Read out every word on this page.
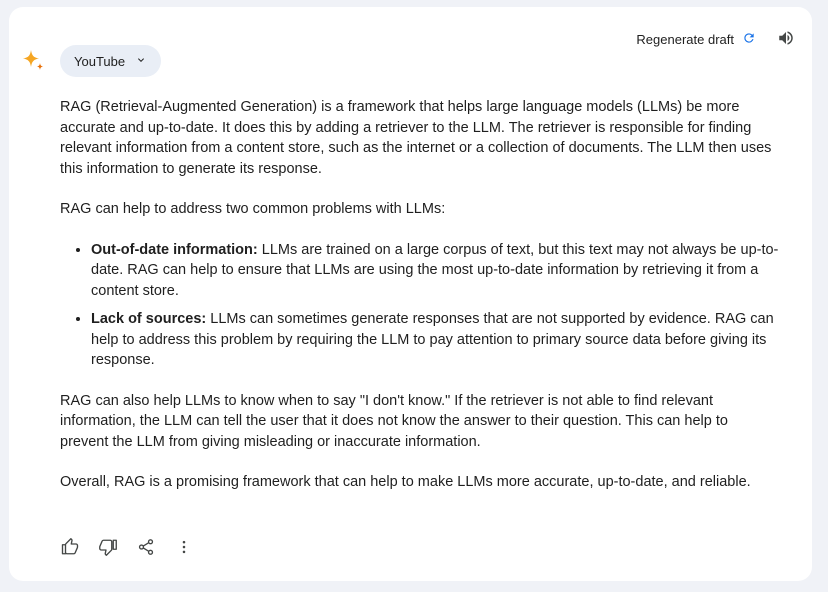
Regenerate draft
YouTube

RAG (Retrieval-Augmented Generation) is a framework that helps large language models (LLMs) be more accurate and up-to-date. It does this by adding a retriever to the LLM. The retriever is responsible for finding relevant information from a content store, such as the internet or a collection of documents. The LLM then uses this information to generate its response.

RAG can help to address two common problems with LLMs:

• Out-of-date information: LLMs are trained on a large corpus of text, but this text may not always be up-to-date. RAG can help to ensure that LLMs are using the most up-to-date information by retrieving it from a content store.
• Lack of sources: LLMs can sometimes generate responses that are not supported by evidence. RAG can help to address this problem by requiring the LLM to pay attention to primary source data before giving its response.

RAG can also help LLMs to know when to say "I don't know." If the retriever is not able to find relevant information, the LLM can tell the user that it does not know the answer to their question. This can help to prevent the LLM from giving misleading or inaccurate information.

Overall, RAG is a promising framework that can help to make LLMs more accurate, up-to-date, and reliable.
